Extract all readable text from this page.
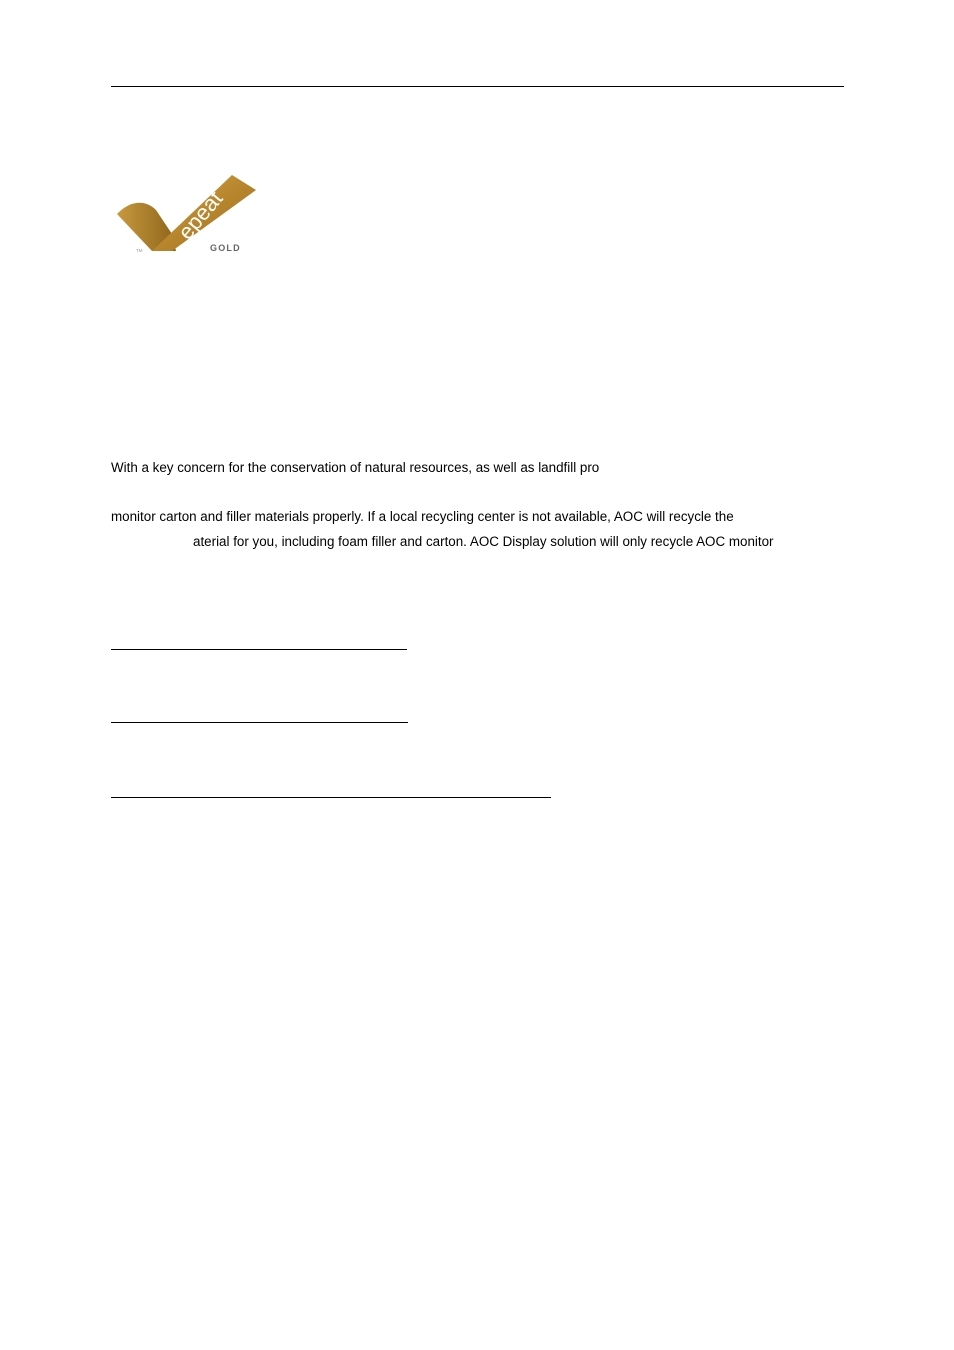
epeat
GOLD
TM
With a key concern for the conservation of natural resources, as well as landfill pro
monitor carton and filler materials properly. If a local recycling center is not available, AOC will recycle the
aterial for you, including foam filler and carton. AOC Display solution will only recycle AOC monitor
